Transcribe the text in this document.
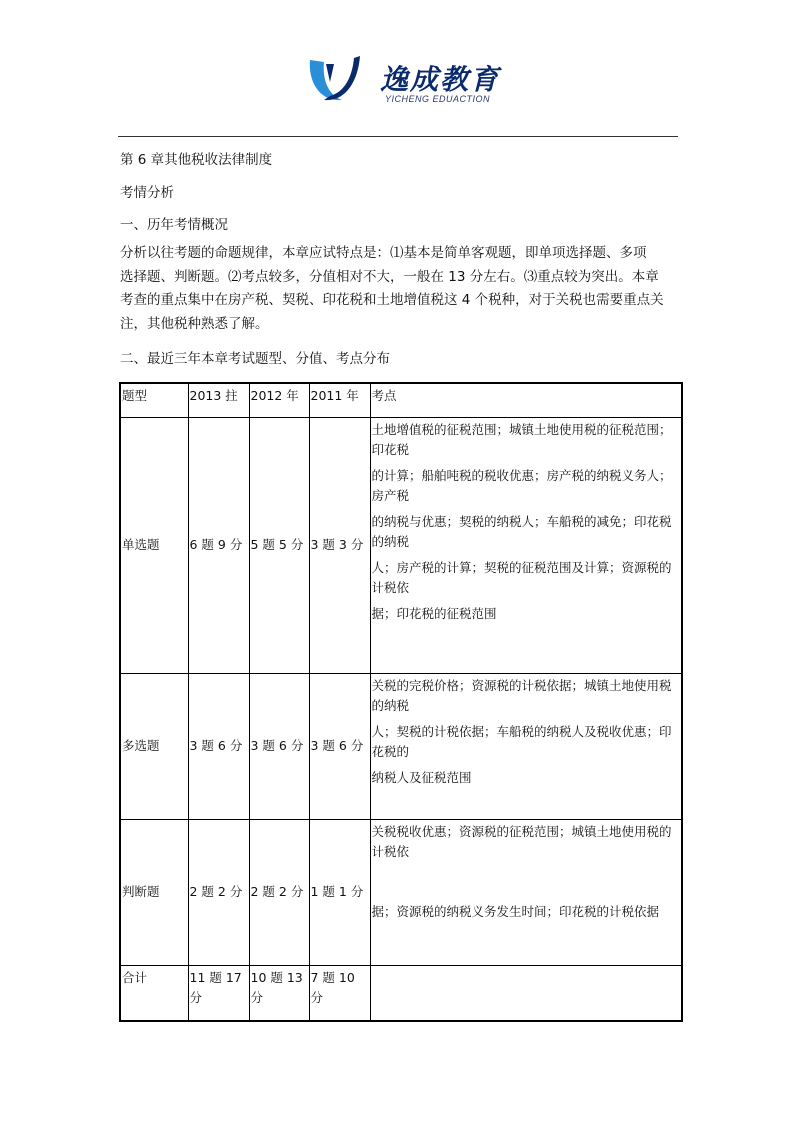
逸成教育
YICHENG EDUACTION
第 6 章其他税收法律制度
考情分析
一、历年考情概况
分析以往考题的命题规律，本章应试特点是：⑴基本是简单客观题，即单项选择题、多项
选择题、判断题。⑵考点较多，分值相对不大，一般在 13 分左右。⑶重点较为突出。本章
考查的重点集中在房产税、契税、印花税和土地增值税这 4 个税种，对于关税也需要重点关
注，其他税种熟悉了解。
二、最近三年本章考试题型、分值、考点分布
题型	2013 拄	2012 年	2011 年	考点
单选题	6 题 9 分	5 题 5 分	3 题 3 分	土地增值税的征税范围；城镇土地使用税的征税范围；印花税
的计算；船舶吨税的税收优惠；房产税的纳税义务人；房产税
的纳税与优惠；契税的纳税人；车船税的减免；印花税的纳税
人；房产税的计算；契税的征税范围及计算；资源税的计税依
据；印花税的征税范围

多选题	3 题 6 分	3 题 6 分	3 题 6 分	关税的完税价格；资源税的计税依据；城镇土地使用税的纳税
人；契税的计税依据；车船税的纳税人及税收优惠；印花税的
纳税人及征税范围

判断题	2 题 2 分	2 题 2 分	1 题 1 分	关税税收优惠；资源税的征税范围；城镇土地使用税的计税依
据；资源税的纳税义务发生时间；印花税的计税依据

合计	11 题 17 分	10 题 13 分	7 题 10 分	
